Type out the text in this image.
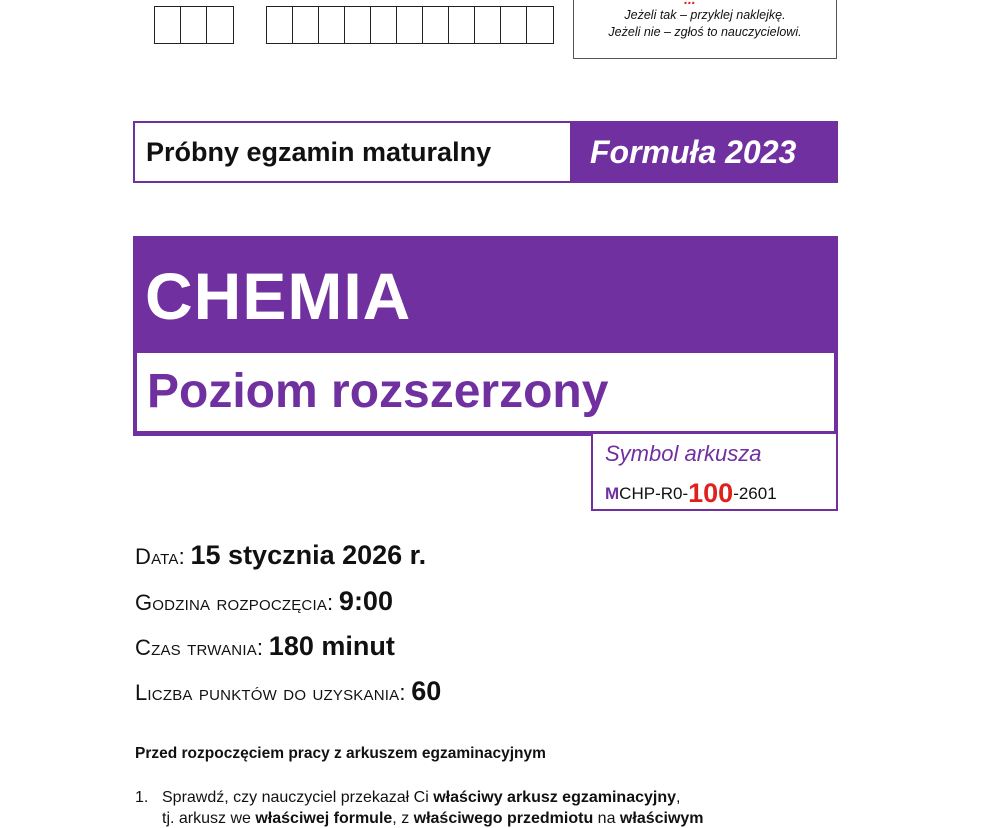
Jeżeli tak – przyklej naklejkę.
Jeżeli nie – zgłoś to nauczycielowi.
Próbny egzamin maturalny	Formuła 2023
CHEMIA
Poziom rozszerzony
Symbol arkusza
MCHP-R0-100-2601
Data: 15 stycznia 2026 r.
Godzina rozpoczęcia: 9:00
Czas trwania: 180 minut
Liczba punktów do uzyskania: 60
Przed rozpoczęciem pracy z arkuszem egzaminacyjnym
1. Sprawdź, czy nauczyciel przekazał Ci właściwy arkusz egzaminacyjny,
tj. arkusz we właściwej formule, z właściwego przedmiotu na właściwym
